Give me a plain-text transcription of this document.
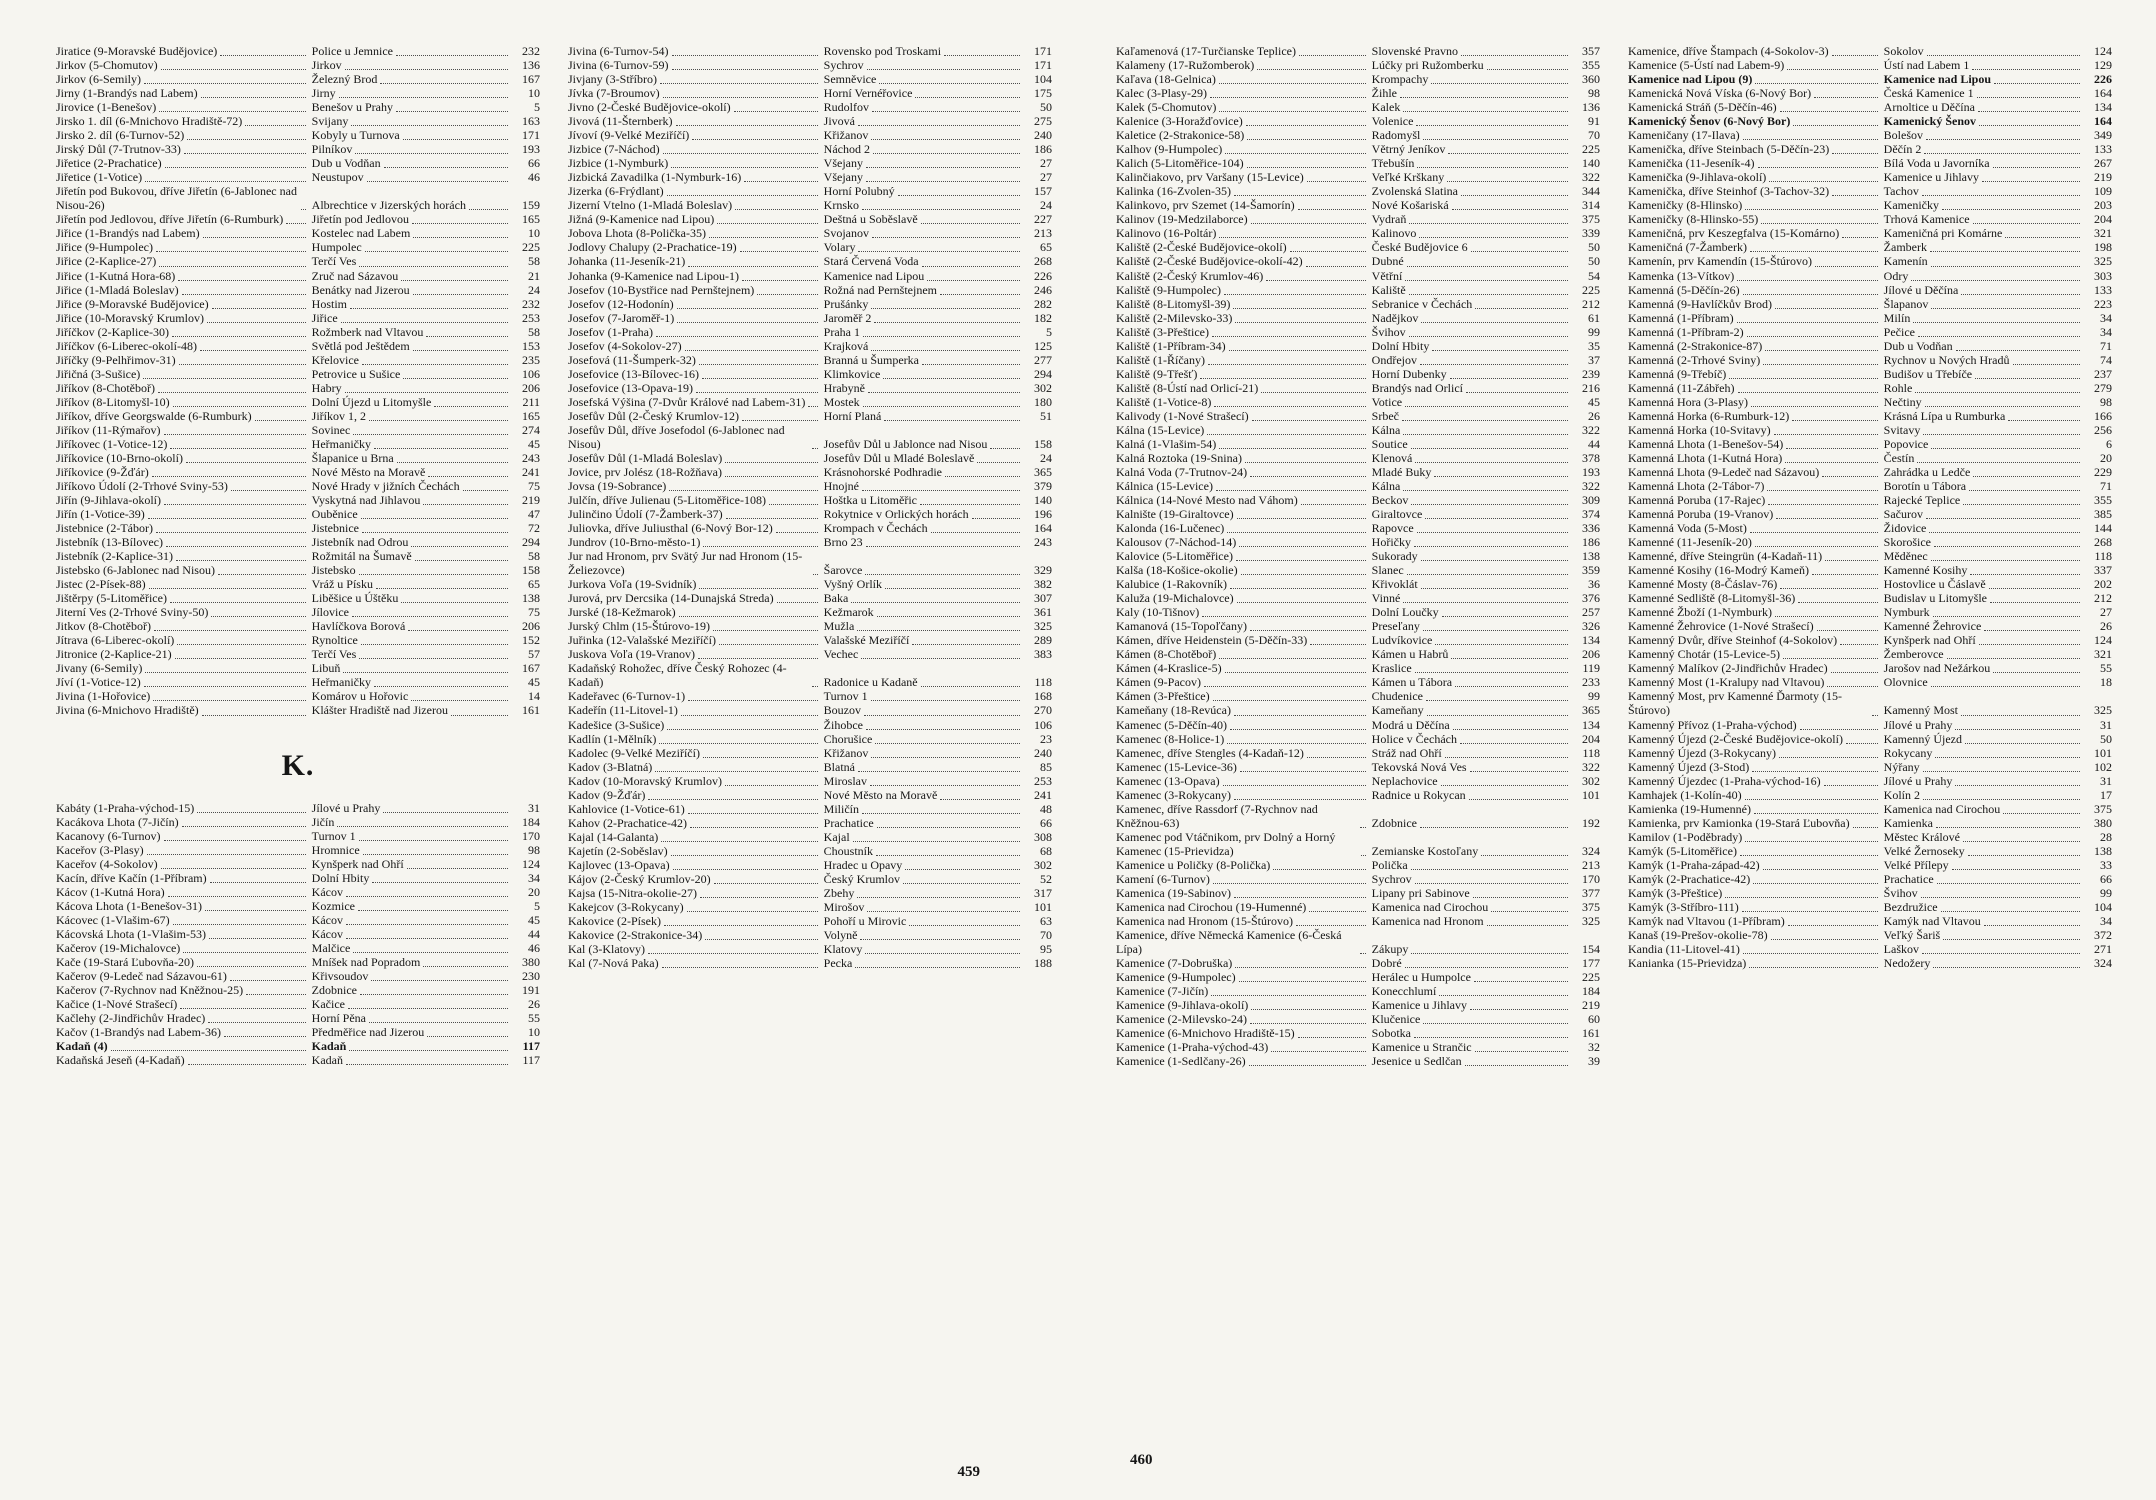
Jiratice (9-Moravské Budějovice)	Police u Jemnice	232
Jirkov (5-Chomutov)	Jirkov	136
Jirkov (6-Semily)	Železný Brod	167
Jirny (1-Brandýs nad Labem)	Jirny	10
Jirovice (1-Benešov)	Benešov u Prahy	5
Jirsko 1. díl (6-Mnichovo Hradiště-72)	Svijany	163
Jirsko 2. díl (6-Turnov-52)	Kobyly u Turnova	171
Jirský Důl (7-Trutnov-33)	Pilníkov	193
Jiřetice (2-Prachatice)	Dub u Vodňan	66
Jiřetice (1-Votice)	Neustupov	46
Jiřetín pod Bukovou, dříve Jiřetín (6-Jablonec nad Nisou-26)	Albrechtice v Jizerských horách	159
Jiřetín pod Jedlovou, dříve Jiřetín (6-Rumburk) Jiřetín pod Jedlovou	165
Jiřice (1-Brandýs nad Labem)	Kostelec nad Labem	10
Jiřice (9-Humpolec)	Humpolec	225
Jiřice (2-Kaplice-27)	Terčí Ves	58
Jiřice (1-Kutná Hora-68)	Zruč nad Sázavou	21
Jiřice (1-Mladá Boleslav)	Benátky nad Jizerou	24
Jiřice (9-Moravské Budějovice)	Hostim	232
Jiřice (10-Moravský Krumlov)	Jiřice	253
Jiříčkov (2-Kaplice-30)	Rožmberk nad Vltavou	58
Jiříčkov (6-Liberec-okolí-48)	Světlá pod Ještědem	153
Jiříčky (9-Pelhřimov-31)	Křelovice	235
Jiřičná (3-Sušice)	Petrovice u Sušice	106
Jiříkov (8-Chotěboř)	Habry	206
Jiříkov (8-Litomyšl-10)	Dolní Újezd u Litomyšle	211
Jiříkov, dříve Georgswalde (6-Rumburk)	Jiříkov 1, 2	165
Jiříkov (11-Rýmařov)	Sovinec	274
Jiříkovec (1-Votice-12)	Heřmaničky	45
Jiříkovice (10-Brno-okolí)	Šlapanice u Brna	243
Jiříkovice (9-Žďár)	Nové Město na Moravě	241
Jiříkovo Údolí (2-Trhové Sviny-53)	Nové Hrady v jižních Čechách	75
Jiřín (9-Jihlava-okolí)	Vyskytná nad Jihlavou	219
Jiřín (1-Votice-39)	Ouběnice	47
Jistebnice (2-Tábor)	Jistebnice	72
Jistebník (13-Bílovec)	Jistebník nad Odrou	294
Jistebník (2-Kaplice-31)	Rožmitál na Šumavě	58
Jistebsko (6-Jablonec nad Nisou)	Jistebsko	158
Jistec (2-Písek-88)	Vráž u Písku	65
Jištěrpy (5-Litoměřice)	Liběšice u Úštěku	138
Jiterní Ves (2-Trhové Sviny-50)	Jílovice	75
Jitkov (8-Chotěboř)	Havlíčkova Borová	206
Jítrava (6-Liberec-okolí)	Rynoltice	152
Jitronice (2-Kaplice-21)	Terčí Ves	57
Jivany (6-Semily)	Libuň	167
Jíví (1-Votice-12)	Heřmaničky	45
Jivina (1-Hořovice)	Komárov u Hořovic	14
Jivina (6-Mnichovo Hradiště)	Klášter Hradiště nad Jizerou	161
K.
Kabáty (1-Praha-východ-15)	Jílové u Prahy	31
Kacákova Lhota (7-Jičín)	Jičín	184
Kacanovy (6-Turnov)	Turnov 1	170
Kaceřov (3-Plasy)	Hromnice	98
Kaceřov (4-Sokolov)	Kynšperk nad Ohří	124
Kacín, dříve Kačín (1-Příbram)	Dolní Hbity	34
Kácov (1-Kutná Hora)	Kácov	20
Kácova Lhota (1-Benešov-31)	Kozmice	5
Kácovec (1-Vlašim-67)	Kácov	45
Kácovská Lhota (1-Vlašim-53)	Kácov	44
Kačerov (19-Michalovce)	Malčice	46
Kače (19-Stará Ľubovňa-20)	Mníšek nad Popradom	380
Kačerov (9-Ledeč nad Sázavou-61)	Křivsoudov	230
Kačerov (7-Rychnov nad Kněžnou-25)	Zdobnice	191
Kačice (1-Nové Strašecí)	Kačice	26
Kačlehy (2-Jindřichův Hradec)	Horní Pěna	55
Kačov (1-Brandýs nad Labem-36)	Předměřice nad Jizerou	10
Kadaň (4)	Kadaň	117
Kadaňská Jeseň (4-Kadaň)	Kadaň	117
Jivina (6-Turnov-54)	Rovensko pod Troskami	171
Jivina (6-Turnov-59)	Sychrov	171
Jivjany (3-Stříbro)	Semněvice	104
Jívka (7-Broumov)	Horní Vernéřovice	175
Jivno (2-České Budějovice-okolí)	Rudolfov	50
Jivová (11-Šternberk)	Jivová	275
Jívoví (9-Velké Meziříčí)	Křižanov	240
Jizbice (7-Náchod)	Náchod 2	186
Jizbice (1-Nymburk)	Všejany	27
Jizbická Zavadilka (1-Nymburk-16)	Všejany	27
Jizerka (6-Frýdlant)	Horní Polubný	157
Jizerní Vtelno (1-Mladá Boleslav)	Krnsko	24
Jižná (9-Kamenice nad Lipou)	Deštná u Soběslavě	227
Jobova Lhota (8-Polička-35)	Svojanov	213
Jodlovy Chalupy (2-Prachatice-19)	Volary	65
Johanka (11-Jeseník-21)	Stará Červená Voda	268
Johanka (9-Kamenice nad Lipou-1)	Kamenice nad Lipou	226
Josefov (10-Bystřice nad Pernštejnem)	Rožná nad Pernštejnem	246
Josefov (12-Hodonín)	Prušánky	282
Josefov (7-Jaroměř-1)	Jaroměř 2	182
Josefov (1-Praha)	Praha 1	5
Josefov (4-Sokolov-27)	Krajková	125
Josefová (11-Šumperk-32)	Branná u Šumperka	277
Josefovice (13-Bílovec-16)	Klimkovice	294
Josefovice (13-Opava-19)	Hrabyně	302
Josefská Výšina (7-Dvůr Králové nad Labem-31) Mostek	180
Josefův Důl (2-Český Krumlov-12)	Horní Planá	51
Josefův Důl, dříve Josefodol (6-Jablonec nad Nisou)	Josefův Důl u Jablonce nad Nisou	158
Josefův Důl (1-Mladá Boleslav)	Josefův Důl u Mladé Boleslavě	24
Jovice, prv Jolész (18-Rožňava)	Krásnohorské Podhradie	365
Jovsa (19-Sobrance)	Hnojné	379
Julčín, dříve Julienau (5-Litoměřice-108)	Hoštka u Litoměřic	140
Julinčino Údolí (7-Žamberk-37)	Rokytnice v Orlických horách	196
Juliovka, dříve Juliusthal (6-Nový Bor-12)	Krompach v Čechách	164
Jundrov (10-Brno-město-1)	Brno 23	243
Jur nad Hronom, prv Svätý Jur nad Hronom (15-Želiezovce)	Šarovce	329
Jurkova Voľa (19-Svidník)	Vyšný Orlík	382
Jurová, prv Dercsika (14-Dunajská Streda)	Baka	307
Jurské (18-Kežmarok)	Kežmarok	361
Jurský Chlm (15-Štúrovo-19)	Mužla	325
Juřinka (12-Valašské Meziříčí)	Valašské Meziříčí	289
Juskova Voľa (19-Vranov)	Vechec	383
Kadaňský Rohožec, dříve Český Rohozec (4-Kadaň)	Radonice u Kadaně	118
Kadeřavec (6-Turnov-1)	Turnov 1	168
Kadeřín (11-Litovel-1)	Bouzov	270
Kadešice (3-Sušice)	Žihobce	106
Kadlín (1-Mělník)	Chorušice	23
Kadolec (9-Velké Meziříčí)	Křižanov	240
Kadov (3-Blatná)	Blatná	85
Kadov (10-Moravský Krumlov)	Miroslav	253
Kadov (9-Žďár)	Nové Město na Moravě	241
Kahlovice (1-Votice-61)	Miličín	48
Kahov (2-Prachatice-42)	Prachatice	66
Kajal (14-Galanta)	Kajal	308
Kajetín (2-Soběslav)	Choustník	68
Kajlovec (13-Opava)	Hradec u Opavy	302
Kájov (2-Český Krumlov-20)	Český Krumlov	52
Kajsa (15-Nitra-okolie-27)	Zbehy	317
Kakejcov (3-Rokycany)	Mirošov	101
Kakovice (2-Písek)	Pohoří u Mirovic	63
Kakovice (2-Strakonice-34)	Volyně	70
Kal (3-Klatovy)	Klatovy	95
Kal (7-Nová Paka)	Pecka	188
459
Kaľamenová (17-Turčianske Teplice)	Slovenské Pravno	357
Kalameny (17-Ružomberok)	Lúčky pri Ružomberku	355
Kaľava (18-Gelnica)	Krompachy	360
Kalec (3-Plasy-29)	Žihle	98
Kalek (5-Chomutov)	Kalek	136
Kalenice (3-Horažďovice)	Volenice	91
Kaletice (2-Strakonice-58)	Radomyšl	70
Kalhov (9-Humpolec)	Větrný Jeníkov	225
Kalich (5-Litoměřice-104)	Třebušín	140
Kalinčiakovo, prv Varšany (15-Levice)	Veľké Krškany	322
Kalinka (16-Zvolen-35)	Zvolenská Slatina	344
Kalinkovo, prv Szemet (14-Šamorín)	Nové Košariská	314
Kalinov (19-Medzilaborce)	Vydraň	375
Kalinovo (16-Poltár)	Kalinovo	339
Kaliště (2-České Budějovice-okolí)	České Budějovice 6	50
Kaliště (2-České Budějovice-okolí-42)	Dubné	50
Kaliště (2-Český Krumlov-46)	Větřní	54
Kaliště (9-Humpolec)	Kaliště	225
Kaliště (8-Litomyšl-39)	Sebranice v Čechách	212
Kaliště (2-Milevsko-33)	Nadějkov	61
Kaliště (3-Přeštice)	Švihov	99
Kaliště (1-Příbram-34)	Dolní Hbity	35
Kaliště (1-Říčany)	Ondřejov	37
Kaliště (9-Třešť)	Horní Dubenky	239
Kaliště (8-Ústí nad Orlicí-21)	Brandýs nad Orlicí	216
Kaliště (1-Votice-8)	Votice	45
Kalivody (1-Nové Strašecí)	Srbeč	26
Kálna (15-Levice)	Kálna	322
Kalná (1-Vlašim-54)	Soutice	44
Kalná Roztoka (19-Snina)	Klenová	378
Kalná Voda (7-Trutnov-24)	Mladé Buky	193
Kálnica (15-Levice)	Kálna	322
Kálnica (14-Nové Mesto nad Váhom)	Beckov	309
Kalnište (19-Giraltovce)	Giraltovce	374
Kalonda (16-Lučenec)	Rapovce	336
Kalousov (7-Náchod-14)	Hořičky	186
Kalovice (5-Litoměřice)	Sukorady	138
Kalša (18-Košice-okolie)	Slanec	359
Kalubice (1-Rakovník)	Křivoklát	36
Kaluža (19-Michalovce)	Vinné	376
Kaly (10-Tišnov)	Dolní Loučky	257
Kamanová (15-Topoľčany)	Preseľany	326
Kámen, dříve Heidenstein (5-Děčín-33)	Ludvíkovice	134
Kámen (8-Chotěboř)	Kámen u Habrů	206
Kámen (4-Kraslice-5)	Kraslice	119
Kámen (9-Pacov)	Kámen u Tábora	233
Kámen (3-Přeštice)	Chudenice	99
Kameňany (18-Revúca)	Kameňany	365
Kamenec (5-Děčín-40)	Modrá u Děčína	134
Kamenec (8-Holice-1)	Holice v Čechách	204
Kamenec, dříve Stengles (4-Kadaň-12)	Stráž nad Ohří	118
Kamenec (15-Levice-36)	Tekovská Nová Ves	322
Kamenec (13-Opava)	Neplachovice	302
Kamenec (3-Rokycany)	Radnice u Rokycan	101
Kamenec, dříve Rassdorf (7-Rychnov nad Kněžnou-63)	Zdobnice	192
Kamenec pod Vtáčnikom, prv Dolný a Horný Kamenec (15-Prievidza)	Zemianske Kostoľany	324
Kamenice u Poličky (8-Polička)	Polička	213
Kamení (6-Turnov)	Sychrov	170
Kamenica (19-Sabinov)	Lipany pri Sabinove	377
Kamenica nad Cirochou (19-Humenné)	Kamenica nad Cirochou	375
Kamenica nad Hronom (15-Štúrovo)	Kamenica nad Hronom	325
Kamenice, dříve Německá Kamenice (6-Česká Lípa)	Zákupy	154
Kamenice (7-Dobruška)	Dobré	177
Kamenice (9-Humpolec)	Herálec u Humpolce	225
Kamenice (7-Jičín)	Konecchlumí	184
Kamenice (9-Jihlava-okolí)	Kamenice u Jihlavy	219
Kamenice (2-Milevsko-24)	Klučenice	60
Kamenice (6-Mnichovo Hradiště-15)	Sobotka	161
Kamenice (1-Praha-východ-43)	Kamenice u Strančic	32
Kamenice (1-Sedlčany-26)	Jesenice u Sedlčan	39
Kamenice, dříve Štampach (4-Sokolov-3)	Sokolov	124
Kamenice (5-Ústí nad Labem-9)	Ústí nad Labem 1	129
Kamenice nad Lipou (9)	Kamenice nad Lipou	226
Kamenická Nová Víska (6-Nový Bor)	Česká Kamenice 1	164
Kamenická Stráň (5-Děčín-46)	Arnoltice u Děčína	134
Kamenický Šenov (6-Nový Bor)	Kamenický Šenov	164
Kameničany (17-Ilava)	Bolešov	349
Kamenička, dříve Steinbach (5-Děčín-23)	Děčín 2	133
Kamenička (11-Jeseník-4)	Bílá Voda u Javorníka	267
Kamenička (9-Jihlava-okolí)	Kamenice u Jihlavy	219
Kamenička, dříve Steinhof (3-Tachov-32)	Tachov	109
Kameničky (8-Hlinsko)	Kameničky	203
Kameničky (8-Hlinsko-55)	Trhová Kamenice	204
Kameničná, prv Keszegfalva (15-Komárno)	Kameničná pri Komárne	321
Kameničná (7-Žamberk)	Žamberk	198
Kamenín, prv Kamendín (15-Štúrovo)	Kamenín	325
Kamenka (13-Vítkov)	Odry	303
Kamenná (5-Děčín-26)	Jílové u Děčína	133
Kamenná (9-Havlíčkův Brod)	Šlapanov	223
Kamenná (1-Příbram)	Milín	34
Kamenná (1-Příbram-2)	Pečice	34
Kamenná (2-Strakonice-87)	Dub u Vodňan	71
Kamenná (2-Trhové Sviny)	Rychnov u Nových Hradů	74
Kamenná (9-Třebíč)	Budišov u Třebíče	237
Kamenná (11-Zábřeh)	Rohle	279
Kamenná Hora (3-Plasy)	Nečtiny	98
Kamenná Horka (6-Rumburk-12)	Krásná Lípa u Rumburka	166
Kamenná Horka (10-Svitavy)	Svitavy	256
Kamenná Lhota (1-Benešov-54)	Popovice	6
Kamenná Lhota (1-Kutná Hora)	Čestín	20
Kamenná Lhota (9-Ledeč nad Sázavou)	Zahrádka u Ledče	229
Kamenná Lhota (2-Tábor-7)	Borotín u Tábora	71
Kamenná Poruba (17-Rajec)	Rajecké Teplice	355
Kamenná Poruba (19-Vranov)	Sačurov	385
Kamenná Voda (5-Most)	Židovice	144
Kamenné (11-Jeseník-20)	Skorošice	268
Kamenné, dříve Steingrün (4-Kadaň-11)	Měděnec	118
Kamenné Kosihy (16-Modrý Kameň)	Kamenné Kosihy	337
Kamenné Mosty (8-Čáslav-76)	Hostovlice u Čáslavě	202
Kamenné Sedliště (8-Litomyšl-36)	Budislav u Litomyšle	212
Kamenné Žboží (1-Nymburk)	Nymburk	27
Kamenné Žehrovice (1-Nové Strašecí)	Kamenné Žehrovice	26
Kamenný Dvůr, dříve Steinhof (4-Sokolov)	Kynšperk nad Ohří	124
Kamenný Chotár (15-Levice-5)	Žemberovce	321
Kamenný Malíkov (2-Jindřichův Hradec)	Jarošov nad Nežárkou	55
Kamenný Most (1-Kralupy nad Vltavou)	Olovnice	18
Kamenný Most, prv Kamenné Ďarmoty (15-Štúrovo)	Kamenný Most	325
Kamenný Přívoz (1-Praha-východ)	Jílové u Prahy	31
Kamenný Újezd (2-České Budějovice-okolí)	Kamenný Újezd	50
Kamenný Újezd (3-Rokycany)	Rokycany	101
Kamenný Újezd (3-Stod)	Nýřany	102
Kamenný Újezdec (1-Praha-východ-16)	Jílové u Prahy	31
Kamhajek (1-Kolín-40)	Kolín 2	17
Kamienka (19-Humenné)	Kamenica nad Cirochou	375
Kamienka, prv Kamionka (19-Stará Ľubovňa)	Kamienka	380
Kamilov (1-Poděbrady)	Městec Králové	28
Kamýk (5-Litoměřice)	Velké Žernoseky	138
Kamýk (1-Praha-západ-42)	Velké Přílepy	33
Kamýk (2-Prachatice-42)	Prachatice	66
Kamýk (3-Přeštice)	Švihov	99
Kamýk (3-Stříbro-111)	Bezdružice	104
Kamýk nad Vltavou (1-Příbram)	Kamýk nad Vltavou	34
Kanaš (19-Prešov-okolie-78)	Veľký Šariš	372
Kandia (11-Litovel-41)	Laškov	271
Kanianka (15-Prievidza)	Nedožery	324
460
